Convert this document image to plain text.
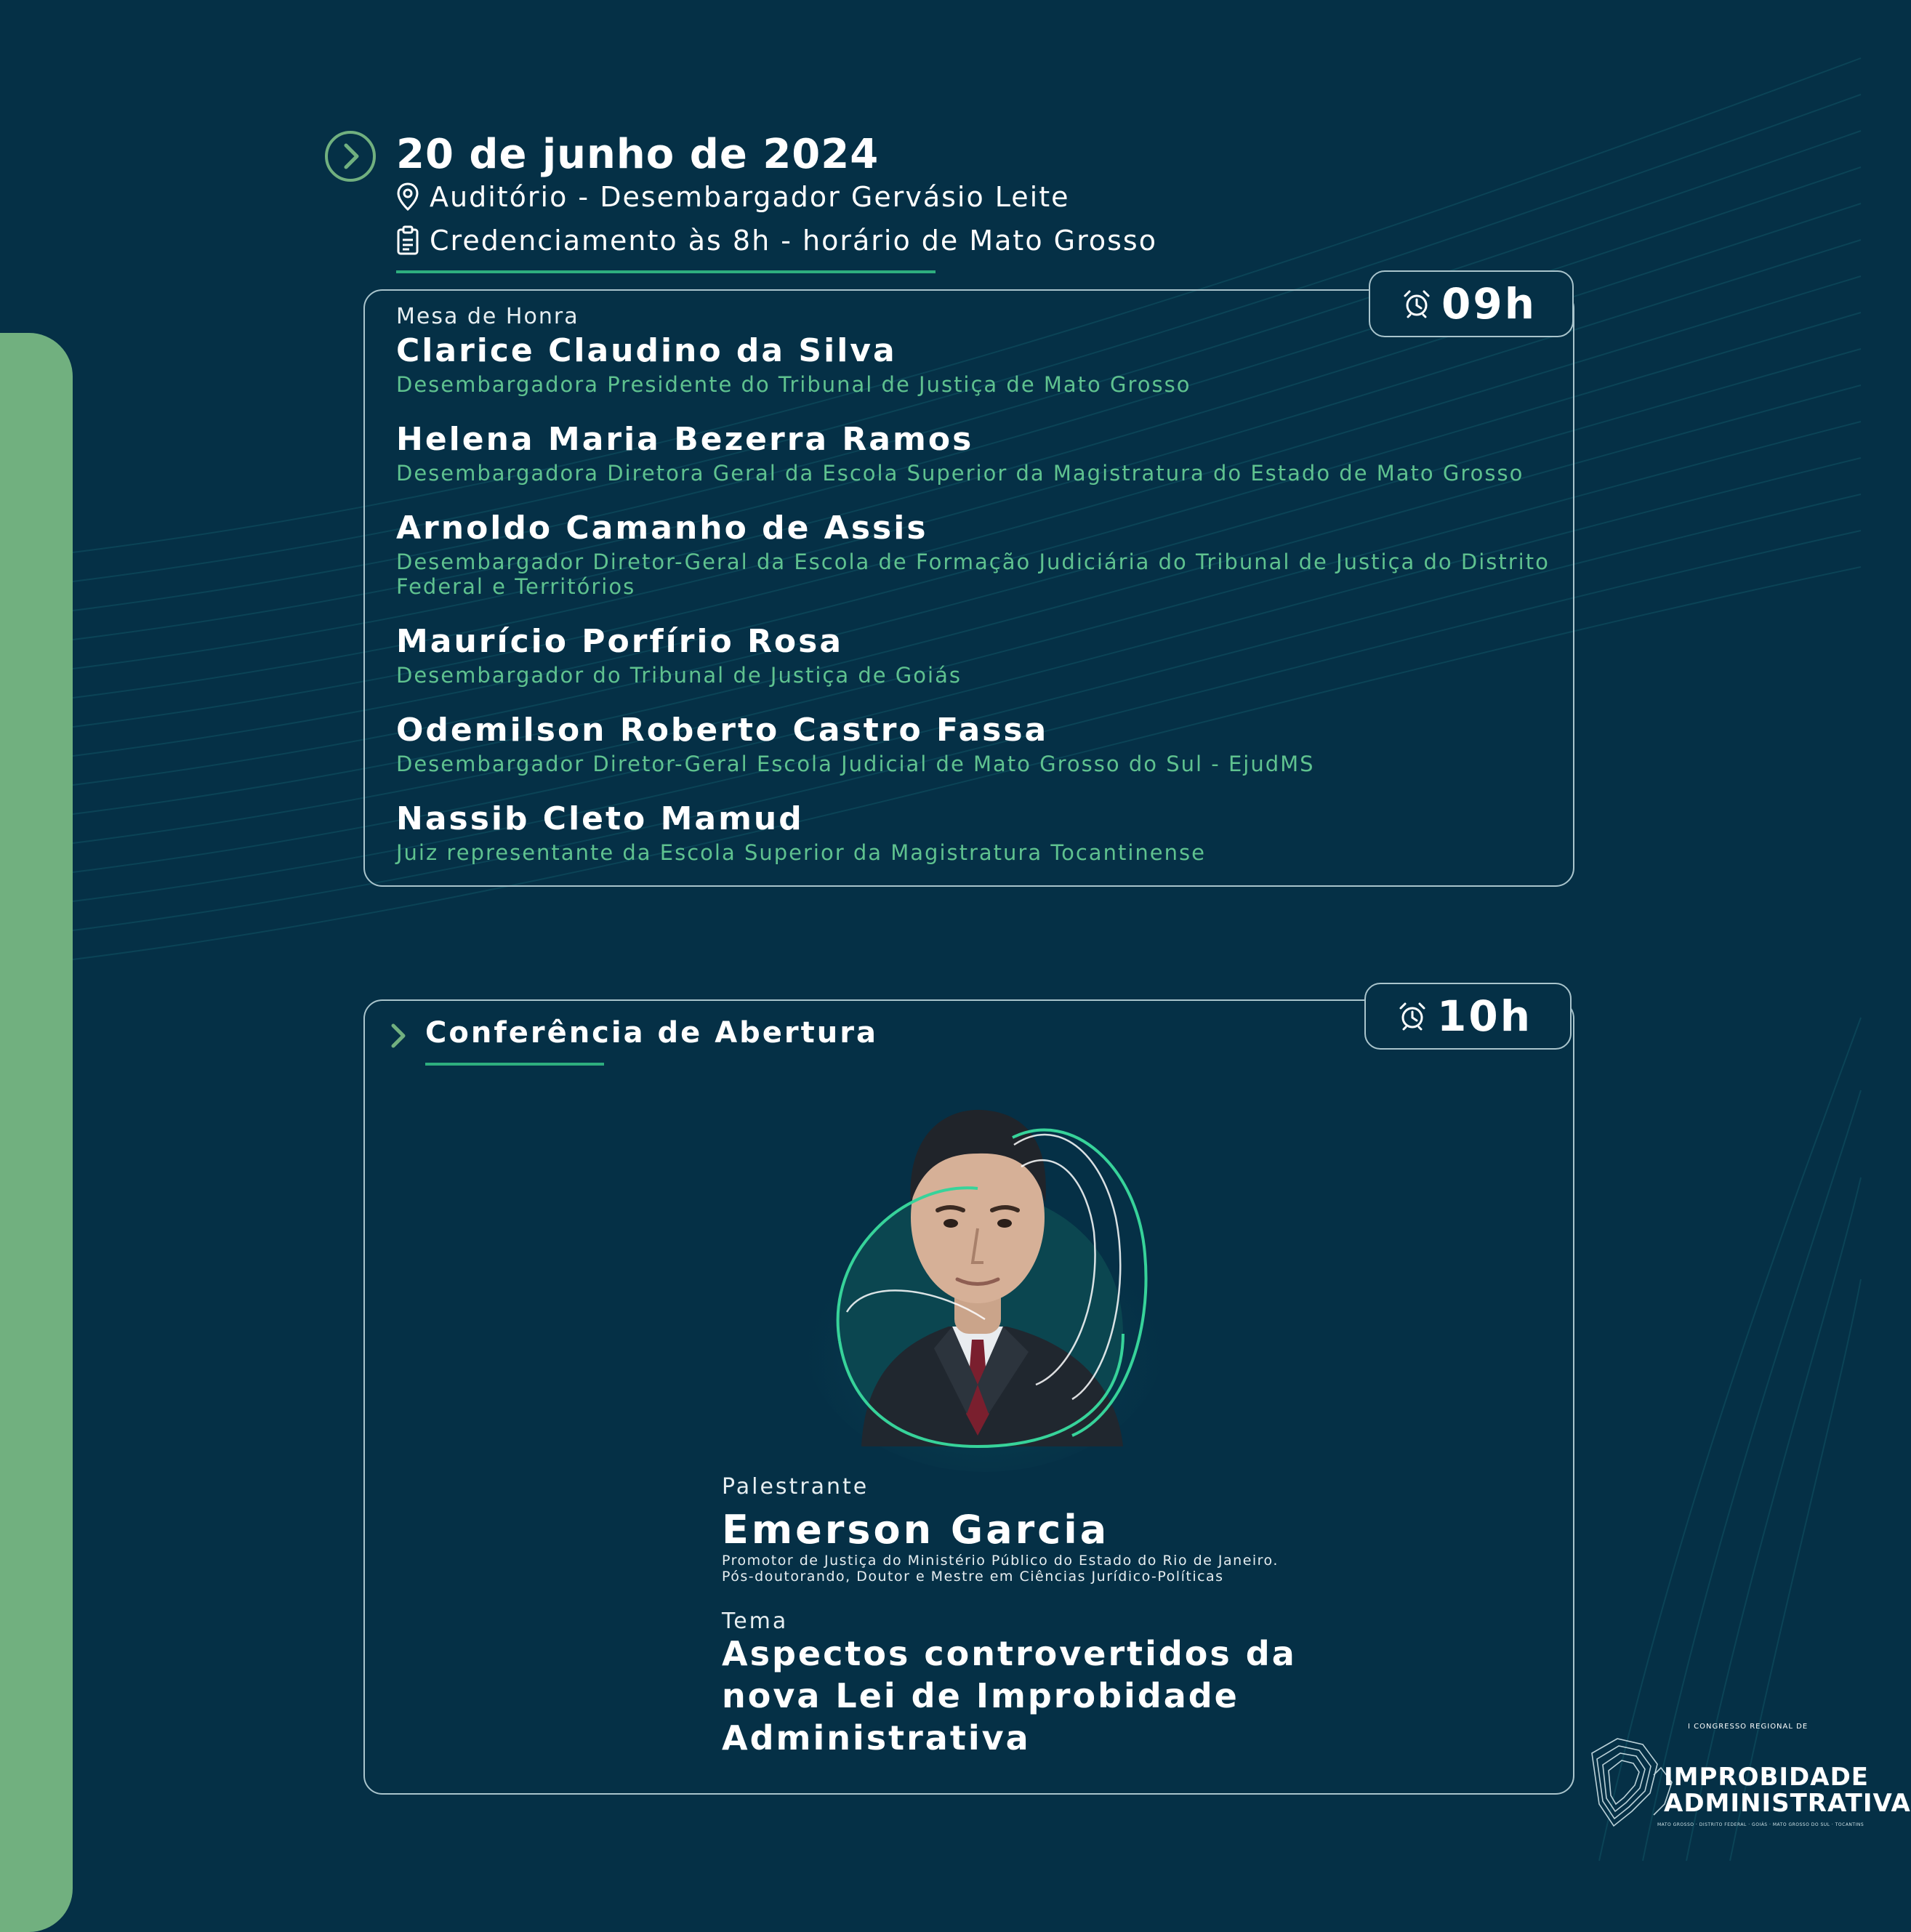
20 de junho de 2024
Auditório - Desembargador Gervásio Leite
Credenciamento às 8h - horário de Mato Grosso
09h
Mesa de Honra
Clarice Claudino da Silva
Desembargadora Presidente do Tribunal de Justiça de Mato Grosso
Helena Maria Bezerra Ramos
Desembargadora Diretora Geral da Escola Superior da Magistratura do Estado de Mato Grosso
Arnoldo Camanho de Assis
Desembargador Diretor-Geral da Escola de Formação Judiciária do Tribunal de Justiça do Distrito Federal e Territórios
Maurício Porfírio Rosa
Desembargador do Tribunal de Justiça de Goiás
Odemilson Roberto Castro Fassa
Desembargador Diretor-Geral Escola Judicial de Mato Grosso do Sul - EjudMS
Nassib Cleto Mamud
Juiz representante da Escola Superior da Magistratura Tocantinense
10h
Conferência de Abertura
Palestrante
Emerson Garcia
Promotor de Justiça do Ministério Público do Estado do Rio de Janeiro.
Pós-doutorando, Doutor e Mestre em Ciências Jurídico-Políticas
Tema
Aspectos controvertidos da nova Lei de Improbidade Administrativa	I CONGRESSO REGIONAL DE
IMPROBIDADE
ADMINISTRATIVA
MATO GROSSO · DISTRITO FEDERAL · GOIÁS · MATO GROSSO DO SUL · TOCANTINS
